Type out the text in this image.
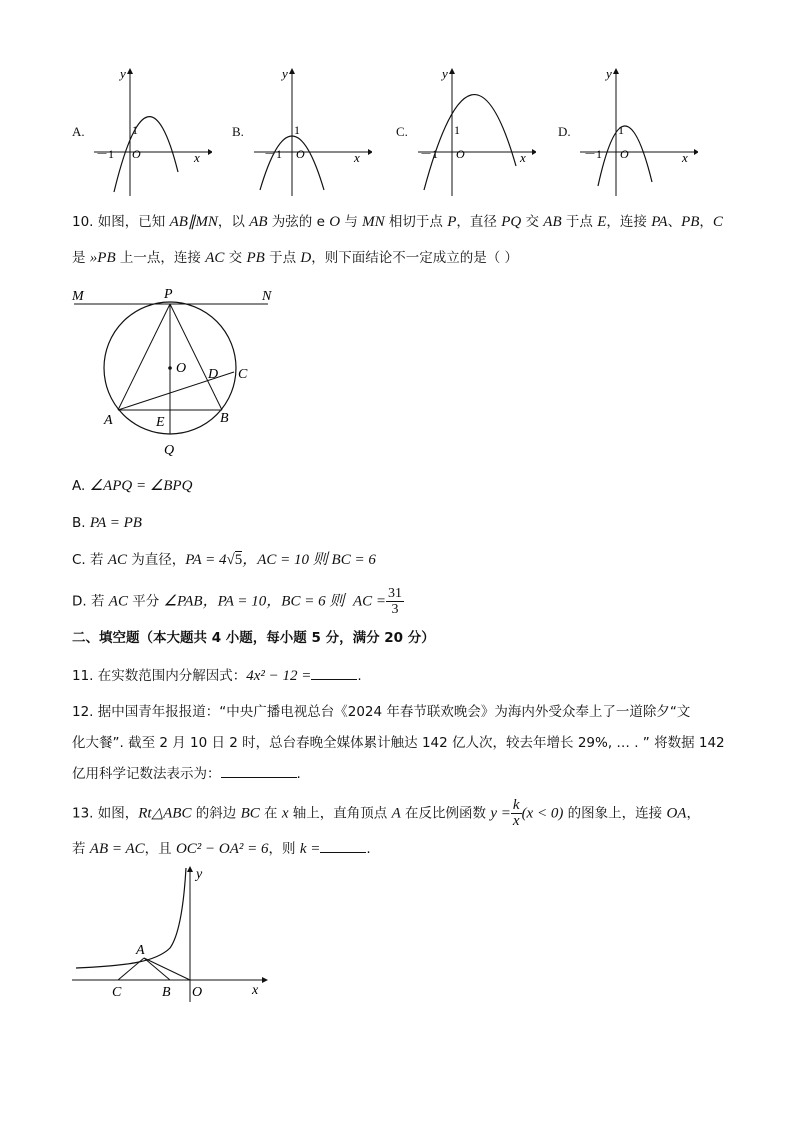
A.
y
x
1
－1 O
B.
y
x
1
－1 O
C.
y
x
1
－1 O
D.
y
x
1
－1 O
10. 如图，已知 AB∥MN，以 AB 为弦的 e O 与 MN 相切于点 P，直径 PQ 交 AB 于点 E，连接 PA、PB，C
是 »PB 上一点，连接 AC 交 PB 于点 D，则下面结论不一定成立的是（ ）
M	P	N
O D C
A	E	B
Q
A. ∠APQ = ∠BPQ
B. PA = PB
C. 若 AC 为直径，PA = 4√5，AC = 10 则 BC = 6
D. 若 AC 平分 ∠PAB，PA = 10，BC = 6 则 AC = $\frac{31}{3}$
二、填空题（本大题共 4 小题，每小题 5 分，满分 20 分）
11. 在实数范围内分解因式：4x² − 12 =	.
12. 据中国青年报报道：“中央广播电视总台《2024 年春节联欢晚会》为海内外受众奉上了一道除夕“文
化大餐”. 截至 2 月 10 日 2 时，总台春晚全媒体累计触达 142 亿人次，较去年增长 29%, … . ” 将数据 142
亿用科学记数法表示为：	.
13. 如图，Rt△ABC 的斜边 BC 在 x 轴上，直角顶点 A 在反比例函数 $y = \frac{k}{x} (x < 0)$ 的图象上，连接 OA，
若 AB = AC，且 OC² − OA² = 6，则 k =	.
y
A
C	B O	x
